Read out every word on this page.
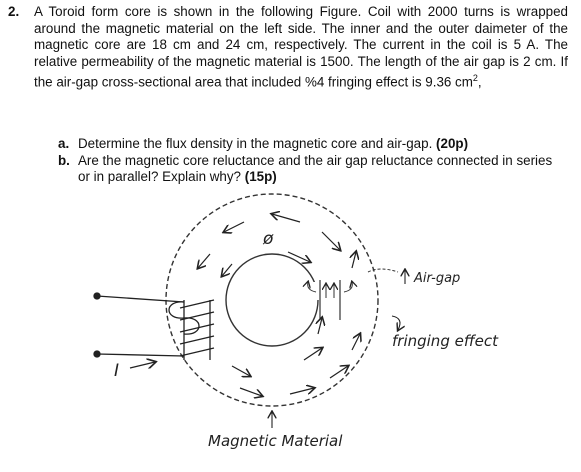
2. A Toroid form core is shown in the following Figure. Coil with 2000 turns is wrapped around the magnetic material on the left side. The inner and the outer daimeter of the magnetic core are 18 cm and 24 cm, respectively. The current in the coil is 5 A. The relative permeability of the magnetic material is 1500. The length of the air gap is 2 cm. If the air-gap cross-sectional area that included %4 fringing effect is 9.36 $cm^2$,
a. Determine the flux density in the magnetic core and air-gap. (20p)
b. Are the magnetic core reluctance and the air gap reluctance connected in series or in parallel? Explain why? (15p)
I
ø
Air-gap
fringing effect
Magnetic Material
